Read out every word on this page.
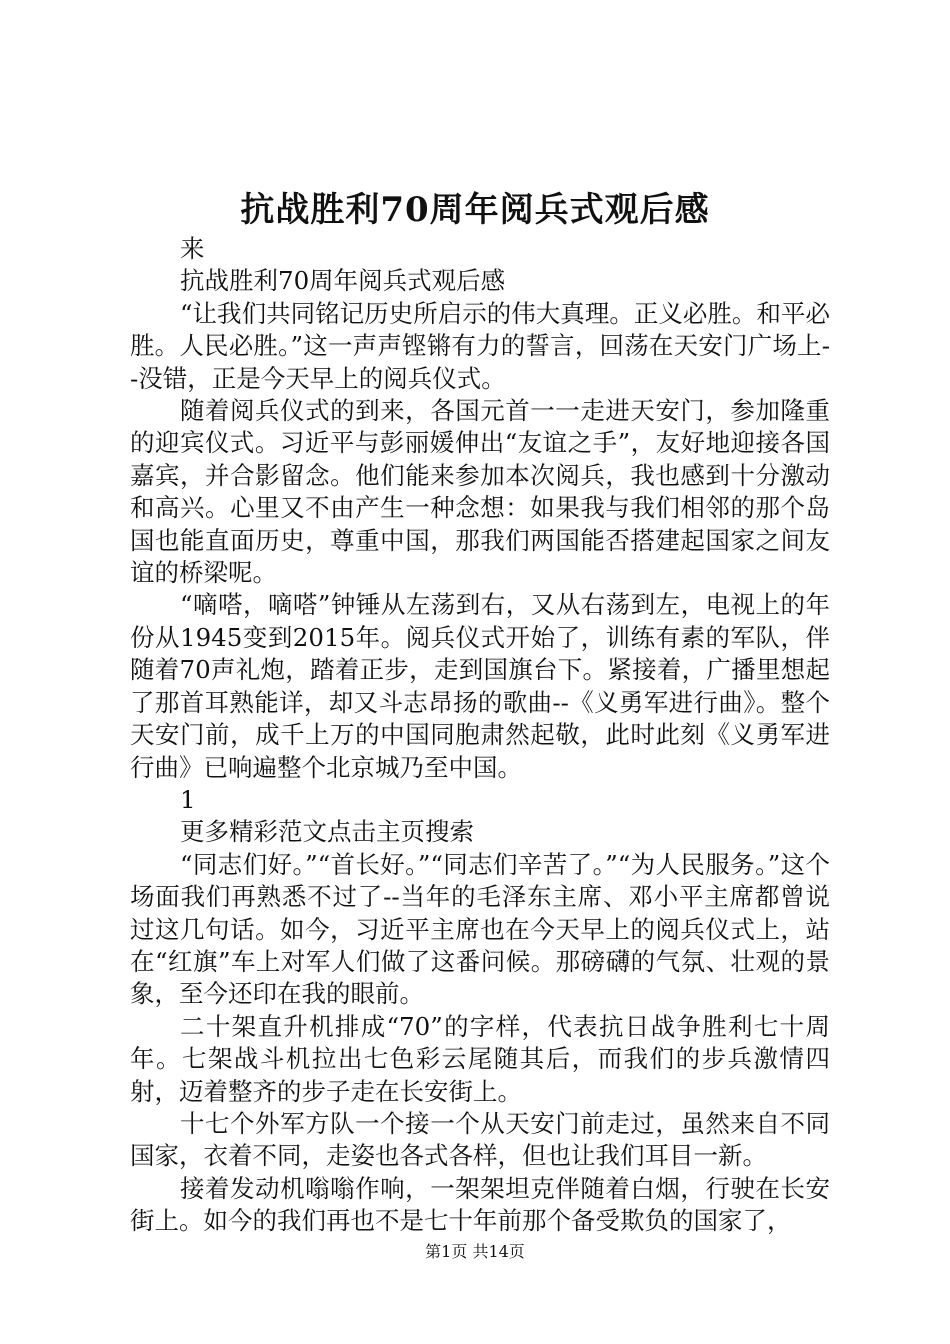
抗战胜利70周年阅兵式观后感

来

抗战胜利70周年阅兵式观后感

“让我们共同铭记历史所启示的伟大真理。正义必胜。和平必胜。人民必胜。”这一声声铿锵有力的誓言，回荡在天安门广场上--没错，正是今天早上的阅兵仪式。

随着阅兵仪式的到来，各国元首一一走进天安门，参加隆重的迎宾仪式。习近平与彭丽媛伸出“友谊之手”，友好地迎接各国嘉宾，并合影留念。他们能来参加本次阅兵，我也感到十分激动和高兴。心里又不由产生一种念想：如果我与我们相邻的那个岛国也能直面历史，尊重中国，那我们两国能否搭建起国家之间友谊的桥梁呢。

“嘀嗒，嘀嗒”钟锤从左荡到右，又从右荡到左，电视上的年份从1945变到2015年。阅兵仪式开始了，训练有素的军队，伴随着70声礼炮，踏着正步，走到国旗台下。紧接着，广播里想起了那首耳熟能详，却又斗志昂扬的歌曲--《义勇军进行曲》。整个天安门前，成千上万的中国同胞肃然起敬，此时此刻《义勇军进行曲》已响遍整个北京城乃至中国。

1

更多精彩范文点击主页搜索

“同志们好。”“首长好。”“同志们辛苦了。”“为人民服务。”这个场面我们再熟悉不过了--当年的毛泽东主席、邓小平主席都曾说过这几句话。如今，习近平主席也在今天早上的阅兵仪式上，站在“红旗”车上对军人们做了这番问候。那磅礴的气氛、壮观的景象，至今还印在我的眼前。

二十架直升机排成“70”的字样，代表抗日战争胜利七十周年。七架战斗机拉出七色彩云尾随其后，而我们的步兵激情四射，迈着整齐的步子走在长安街上。

十七个外军方队一个接一个从天安门前走过，虽然来自不同国家，衣着不同，走姿也各式各样，但也让我们耳目一新。

接着发动机嗡嗡作响，一架架坦克伴随着白烟，行驶在长安街上。如今的我们再也不是七十年前那个备受欺负的国家了，

第1页 共14页
